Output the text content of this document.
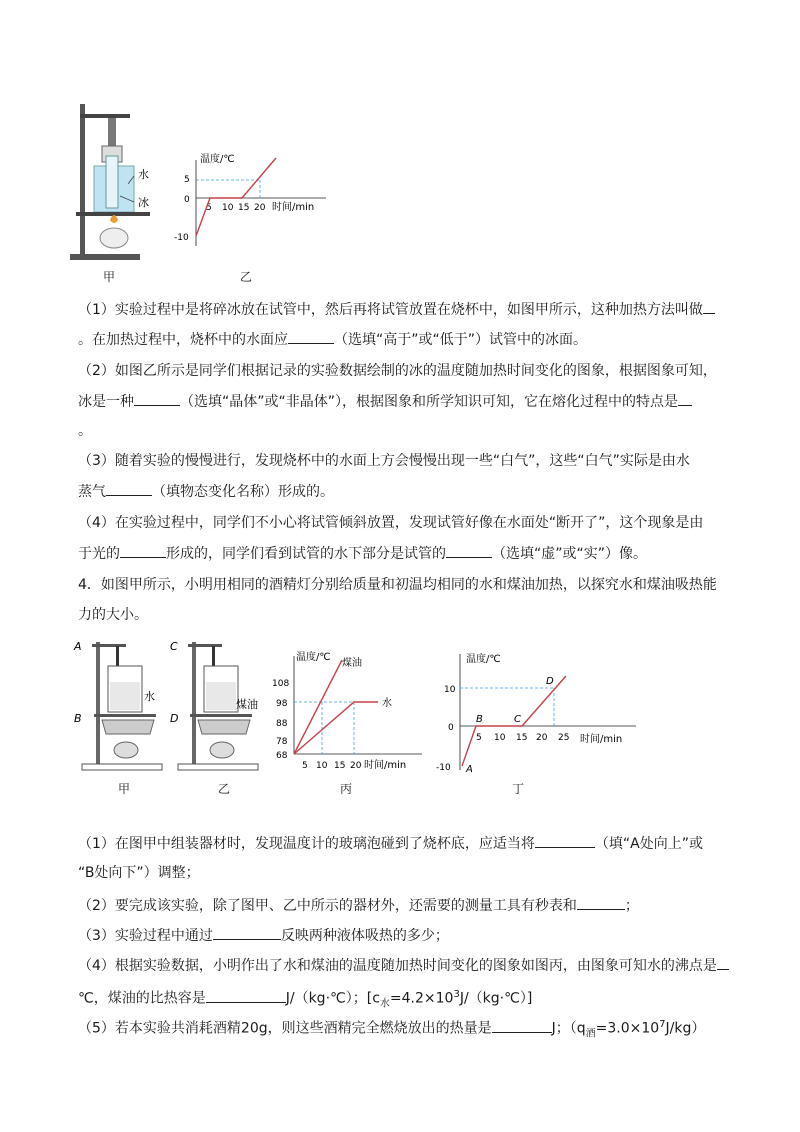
水
冰
甲
温度/℃
5
0
-10
5 10 15 20 时间/min
乙
（1）实验过程中是将碎冰放在试管中，然后再将试管放置在烧杯中，如图甲所示，这种加热方法叫做
。在加热过程中，烧杯中的水面应	（选填“高于”或“低于”）试管中的冰面。
（2）如图乙所示是同学们根据记录的实验数据绘制的冰的温度随加热时间变化的图象，根据图象可知，
冰是一种	（选填“晶体”或“非晶体”），根据图象和所学知识可知，它在熔化过程中的特点是
。
（3）随着实验的慢慢进行，发现烧杯中的水面上方会慢慢出现一些“白气”，这些“白气”实际是由水
蒸气	（填物态变化名称）形成的。
（4）在实验过程中，同学们不小心将试管倾斜放置，发现试管好像在水面处“断开了”，这个现象是由
于光的	形成的，同学们看到试管的水下部分是试管的	（选填“虚”或“实”）像。
4．如图甲所示，小明用相同的酒精灯分别给质量和初温均相同的水和煤油加热，以探究水和煤油吸热能
力的大小。
A
B
水
甲
C
D
煤油
乙
温度/℃
煤油
108
98
88
78
68
5 10 15 20 时间/min
水
丙
温度/℃
10
0
-10
5 10 15 20 25 时间/min
A
B	C
D
丁
（1）在图甲中组装器材时，发现温度计的玻璃泡碰到了烧杯底，应适当将	（填“A处向上”或
“B处向下”）调整；
（2）要完成该实验，除了图甲、乙中所示的器材外，还需要的测量工具有秒表和	；
（3）实验过程中通过	反映两种液体吸热的多少；
（4）根据实验数据，小明作出了水和煤油的温度随加热时间变化的图象如图丙，由图象可知水的沸点是
℃，煤油的比热容是	J/（kg·℃）；$[c_水=4.2\times 10^3J/(kg\cdot℃)]$
（5）若本实验共消耗酒精20g，则这些酒精完全燃烧放出的热量是	J；$(q_酒=3.0\times 10^7J/kg)$
